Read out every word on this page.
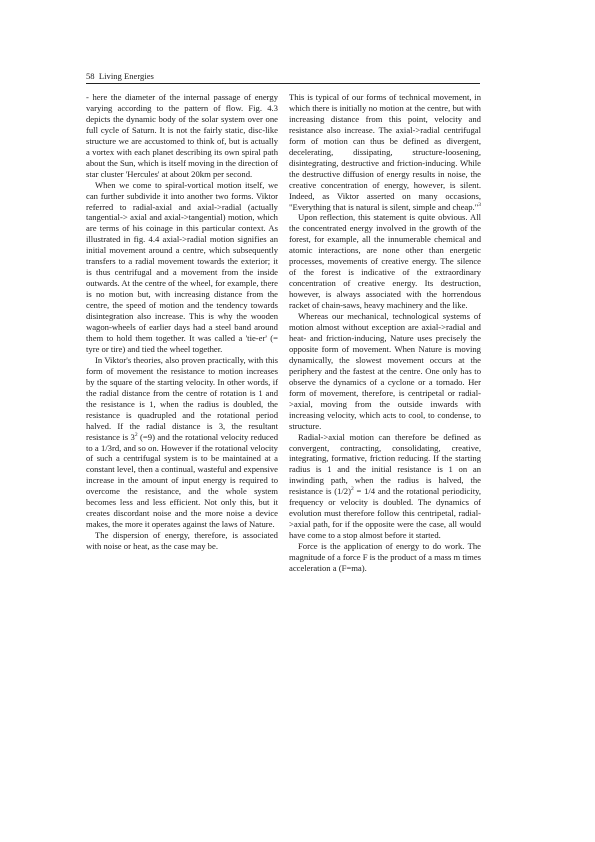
58 Living Energies

- here the diameter of the internal passage of energy varying according to the pattern of flow. Fig. 4.3 depicts the dynamic body of the solar system over one full cycle of Saturn. It is not the fairly static, disc-like structure we are accustomed to think of, but is actually a vortex with each planet describing its own spiral path about the Sun, which is itself moving in the direction of star cluster 'Hercules' at about 20km per second.

When we come to spiral-vortical motion itself, we can further subdivide it into another two forms. Viktor referred to radial-axial and axial->radial (actually tangential-> axial and axial->tangential) motion, which are terms of his coinage in this particular context. As illustrated in fig. 4.4 axial->radial motion signifies an initial movement around a centre, which subsequently transfers to a radial movement towards the exterior; it is thus centrifugal and a movement from the inside outwards. At the centre of the wheel, for example, there is no motion but, with increasing distance from the centre, the speed of motion and the tendency towards disintegration also increase. This is why the wooden wagon-wheels of earlier days had a steel band around them to hold them together. It was called a 'tie-er' (= tyre or tire) and tied the wheel together.

In Viktor's theories, also proven practically, with this form of movement the resistance to motion increases by the square of the starting velocity. In other words, if the radial distance from the centre of rotation is 1 and the resistance is 1, when the radius is doubled, the resistance is quadrupled and the rotational period halved. If the radial distance is 3, the resultant resistance is $3^2$ (=9) and the rotational velocity reduced to a 1/3rd, and so on. However if the rotational velocity of such a centrifugal system is to be maintained at a constant level, then a continual, wasteful and expensive increase in the amount of input energy is required to overcome the resistance, and the whole system becomes less and less efficient. Not only this, but it creates discordant noise and the more noise a device makes, the more it operates against the laws of Nature.

The dispersion of energy, therefore, is associated with noise or heat, as the case may be.

This is typical of our forms of technical movement, in which there is initially no motion at the centre, but with increasing distance from this point, velocity and resistance also increase. The axial->radial centrifugal form of motion can thus be defined as divergent, decelerating, dissipating, structure-loosening, disintegrating, destructive and friction-inducing. While the destructive diffusion of energy results in noise, the creative concentration of energy, however, is silent. Indeed, as Viktor asserted on many occasions, "Everything that is natural is silent, simple and cheap."$^3$

Upon reflection, this statement is quite obvious. All the concentrated energy involved in the growth of the forest, for example, all the innumerable chemical and atomic interactions, are none other than energetic processes, movements of creative energy. The silence of the forest is indicative of the extraordinary concentration of creative energy. Its destruction, however, is always associated with the horrendous racket of chain-saws, heavy machinery and the like.

Whereas our mechanical, technological systems of motion almost without exception are axial->radial and heat- and friction-inducing, Nature uses precisely the opposite form of movement. When Nature is moving dynamically, the slowest movement occurs at the periphery and the fastest at the centre. One only has to observe the dynamics of a cyclone or a tornado. Her form of movement, therefore, is centripetal or radial->axial, moving from the outside inwards with increasing velocity, which acts to cool, to condense, to structure.

Radial->axial motion can therefore be defined as convergent, contracting, consolidating, creative, integrating, formative, friction reducing. If the starting radius is 1 and the initial resistance is 1 on an inwinding path, when the radius is halved, the resistance is $(1/2)^2 = 1/4$ and the rotational periodicity, frequency or velocity is doubled. The dynamics of evolution must therefore follow this centripetal, radial->axial path, for if the opposite were the case, all would have come to a stop almost before it started.

Force is the application of energy to do work. The magnitude of a force F is the product of a mass m times acceleration a (F=ma).
